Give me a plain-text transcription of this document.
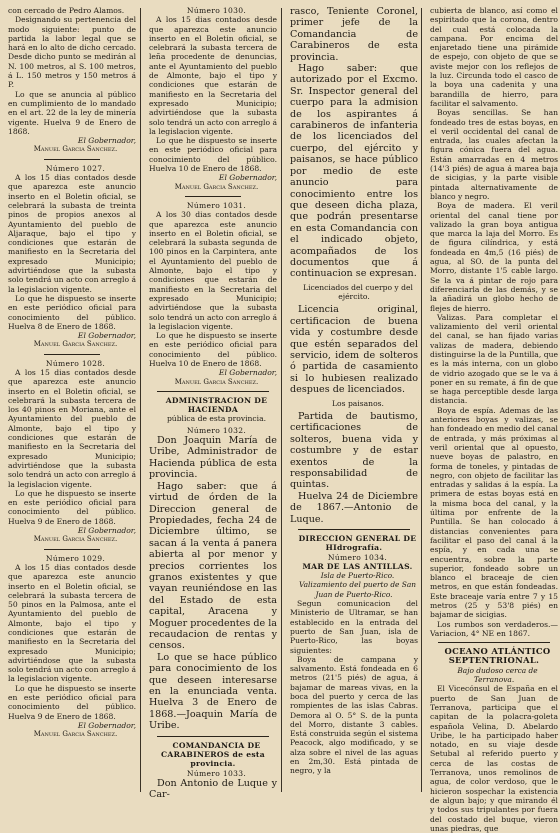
con cercado de Pedro Alamos.

Designando su pertenencia del modo siguiente: punto de partida la labor legal que se hará en lo alto de dicho cercado. Desde dicho punto se medirán al N. 100 metros, al S. 100 metros, á L. 150 metros y 150 metros á P.

Lo que se anuncia al público en cumplimiento de lo mandado en el art. 22 de la ley de minería vigente. Huelva 9 de Enero de 1868.

El Gobernador,

Manuel Garcia Sanchez.

Número 1027.

A los 15 dias contados desde que aparezca este anuncio inserto en el Boletin oficial, se celebrará la subasta de treinta pinos de propios anexos al Ayuntamiento del pueblo de Aljaraque, bajo el tipo y condiciones que estarán de manifiesto en la Secretaria del expresado Municipio; advirtiéndose que la subasta solo tendrá un acto con arreglo á la legislacion vigente.

Lo que he dispuesto se inserte en este periódico oficial para conocimiento del público. Huelva 8 de Enero de 1868.

El Gobernador,

Manuel Garcia Sanchez.

Número 1028.

A los 15 dias contados desde que aparezca este anuncio inserto en el Boletin oficial, se celebrará la subasta tercera de los 40 pinos en Moriana, ante el Ayuntamiento del pueblo de Almonte, bajo el tipo y condiciones que estarán de manifiesto en la Secretaria del expresado Municipio; advirtiéndose que la subasta solo tendrá un acto con arreglo á la legislacion vigente.

Lo que he dispuesto se inserte en este periódico oficial para conocimiento del público. Huelva 9 de Enero de 1868.

El Gobernador,

Manuel Garcia Sanchez.

Número 1029.

A los 15 dias contados desde que aparezca este anuncio inserto en el Boletin oficial, se celebrará la subasta tercera de 50 pinos en la Palmosa, ante el Ayuntamiento del pueblo de Almonte, bajo el tipo y condiciones que estarán de manifiesto en la Secretaria del expresado Municipio; advirtiéndose que la subasta solo tendrá un acto con arreglo á la legislacion vigente.

Lo que he dispuesto se inserte en este periódico oficial para conocimiento del público. Huelva 9 de Enero de 1868.

El Gobernador,

Manuel Garcia Sanchez.

Número 1030.

A los 15 dias contados desde que aparezca este anuncio inserto en el Boletin oficial, se celebrará la subasta tercera de leña procedente de denuncias, ante el Ayuntamiento del pueblo de Almonte, bajo el tipo y condiciones que estarán de manifiesto en la Secretaria del expresado Municipio; advirtiéndose que la subasta solo tendrá un acto con arreglo á la legislacion vigente.

Lo que he dispuesto se inserte en este periódico oficial para conocimiento del público. Huelva 10 de Enero de 1868.

El Gobernador,

Manuel Garcia Sanchez.

Número 1031.

A los 30 dias contados desde que aparezca este anuncio inserto en el Boletin oficial, se celebrará la subasta segunda de 100 pinos en la Carpintera, ante el Ayuntamiento del pueblo de Almonte, bajo el tipo y condiciones que estarán de manifiesto en la Secretaria del expresado Municipio; advirtiéndose que la subasta solo tendrá un acto con arreglo á la legislacion vigente.

Lo que he dispuesto se inserte en este periódico oficial para conocimiento del público. Huelva 10 de Enero de 1868.

El Gobernador,

Manuel Garcia Sanchez.

ADMINISTRACION DE HACIENDA

pública de esta provincia.

Número 1032.

Don Joaquin María de Uribe, Administrador de Hacienda pública de esta provincia.

Hago saber: que á virtud de órden de la Direccion general de Propiedades, fecha 24 de Diciembre último, se sacan á la venta á panera abierta al por menor y precios corrientes los granos existentes y que vayan reuniéndose en las del Estado de esta capital, Aracena y Moguer procedentes de la recaudacion de rentas y censos.

Lo que se hace público para conocimiento de los que deseen interesarse en la enunciada venta. Huelva 3 de Enero de 1868.—Joaquin María de Uribe.

COMANDANCIA DE CARABINEROS de esta provincia.

Número 1033.

Don Antonio de Luque y Car-

rasco, Teniente Coronel, primer jefe de la Comandancia de Carabineros de esta provincia.

Hago saber: que autorizado por el Excmo. Sr. Inspector general del cuerpo para la admision de los aspirantes á carabineros de infanteria de los licenciados del cuerpo, del ejército y paisanos, se hace público por medio de este anuncio para conocimiento entre los que deseen dicha plaza, que podrán presentarse en esta Comandancia con el indicado objeto, acompañados de los documentos que á continuacion se expresan.

Licenciados del cuerpo y del ejército.

Licencia original, certificacion de buena vida y costumbre desde que estén separados del servicio, idem de solteros ó partida de casamiento si lo hubiesen realizado despues de licenciados.

Los paisanos.

Partida de bautismo, certificaciones de solteros, buena vida y costumbre y de estar exentos de la responsabilidad de quintas.

Huelva 24 de Diciembre de 1867.—Antonio de Luque.

DIRECCION GENERAL DE HIdrografía.

Número 1034.

MAR DE LAS ANTILLAS.

Isla de Puerto-Rico.

Valizamiento del puerto de San Juan de Puerto-Rico.

Segun comunicacion del Ministerio de Ultramar, se han establecido en la entrada del puerto de San Juan, isla de Puerto-Rico, las boyas siguientes:

Boya de campana y salvamento. Está fondeada en 6 metros (21'5 piés) de agua, á bajamar de mareas vivas, en la boca del puerto y cerca de las rompientes de las islas Cabras. Demora al O. 5° S. de la punta del Morro, distante 3 cables. Está construida según el sistema Peacock, algo modificado, y se alza sobre el nivel de las aguas en 2m,30. Está pintada de negro, y la

cubierta de blanco, así como el espiritado que la corona, dentro del cual está colocada la campana. Por encima del enjaretado tiene una pirámide de espejo, con objeto de que se aviste mejor con los reflejos de la luz. Circunda todo el casco de la boya una cadenita y una barandilla de hierro, para facilitar el salvamento.

Boyas sencillas. Se han fondeado tres de estas boyas, en el veril occidental del canal de entrada, las cuales afectan la figura cónica fuera del agua. Están amarradas en 4 metros (14'3 piés) de agua á marea baja de sicigias, y la parte visible pintada alternativamente de blanco y negro.

Boya de madera. El veril oriental del canal tiene por valizado la gran boya antigua que marca la laja del Morro. Es de figura cilíndrica, y está fondeada en 4m,5 (16 piés) de agua, al SO. de la punta del Morro, distante 1'5 cable largo. Se la va á pintar de rojo para diferenciarla de las demás, y se la añadirá un globo hecho de flejes de hierro.

Valizas. Para completar el valizamiento del veril oriental del canal, se han fijado varias valizas de madera, debiendo distinguirse la de la Puntilla, que es la más interna, con un globo de vidrio azogado que se le va á poner en su remate, á fin de que se haga perceptible desde larga distancia.

Boya de espía. Ademas de las anteriores boyas y valizas, se han fondeado en medio del canal de entrada, y más próximas al veril oriental que al opuesto, nueve boyas de palastro, en forma de toneles, y pintadas de negro, con objeto de facilitar las entradas y salidas á la espía. La primera de estas boyas está en la misma boca del canal, y la última por enfrente de la Puntilla. Se han colocado á distancias convenientes para facilitar el paso del canal á la espía, y en cada una se encuentra, sobre la parte superior, fondeado sobre un blanco el braceaje de cien metros, en que están fondeadas. Este braceaje varía entre 7 y 15 metros (25 y 53'8 piés) en bajamar de sicigias.

Los rumbos son verdaderos.—Variacion, 4° NE en 1867.

OCEANO ATLÁNTICO SEPTENTRIONAL.

Bajo dudoso cerca de Terranova.

El Vicecónsul de España en el puerto de San Juan de Terranova, participa que el capitan de la polacra-goleta española Velina, D. Abelardo Uribe, le ha participado haber notado, en su viaje desde Setubal al referido puerto y cerca de las costas de Terranova, unos remolinos de agua, de color verdoso, que le hicieron sospechar la existencia de algun bajo; y que mirando él y todos sus tripulantes por fuera del costado del buque, vieron unas piedras, que
